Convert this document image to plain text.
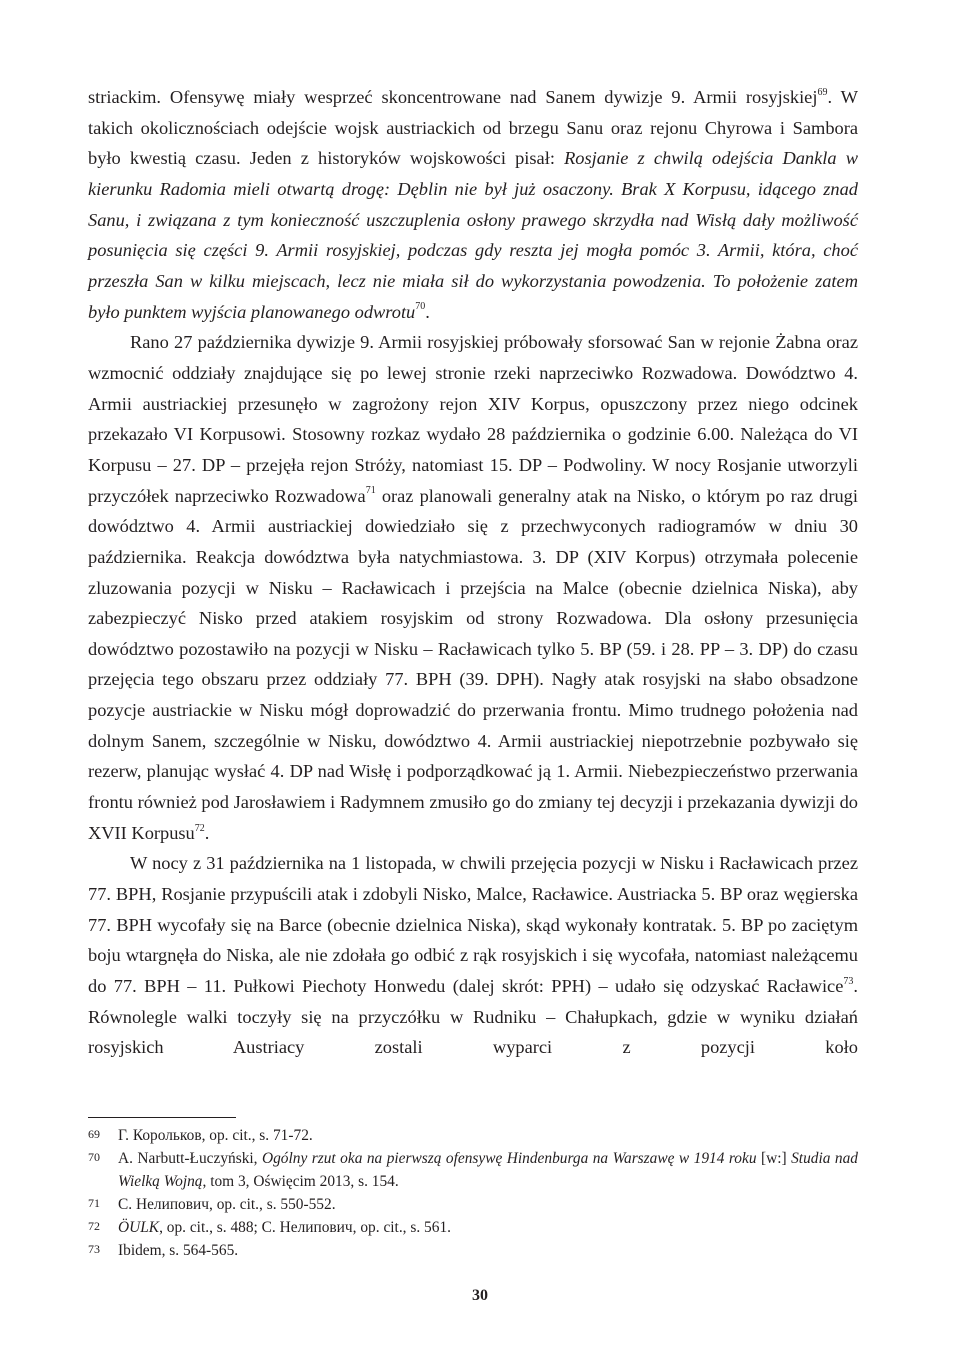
striackim. Ofensywę miały wesprzeć skoncentrowane nad Sanem dywizje 9. Armii rosyjskiej$^{69}$. W takich okolicznościach odejście wojsk austriackich od brzegu Sanu oraz rejonu Chyrowa i Sambora było kwestią czasu. Jeden z historyków wojskowości pisał: Rosjanie z chwilą odejścia Dankla w kierunku Radomia mieli otwartą drogę: Dęblin nie był już osaczony. Brak X Korpusu, idącego znad Sanu, i związana z tym konieczność uszczuplenia osłony prawego skrzydła nad Wisłą dały możliwość posunięcia się części 9. Armii rosyjskiej, podczas gdy reszta jej mogła pomóc 3. Armii, która, choć przeszła San w kilku miejscach, lecz nie miała sił do wykorzystania powodzenia. To położenie zatem było punktem wyjścia planowanego odwrotu$^{70}$.

Rano 27 października dywizje 9. Armii rosyjskiej próbowały sforsować San w rejonie Żabna oraz wzmocnić oddziały znajdujące się po lewej stronie rzeki naprzeciwko Rozwadowa. Dowództwo 4. Armii austriackiej przesunęło w zagrożony rejon XIV Korpus, opuszczony przez niego odcinek przekazało VI Korpusowi. Stosowny rozkaz wydało 28 października o godzinie 6.00. Należąca do VI Korpusu – 27. DP – przejęła rejon Stróży, natomiast 15. DP – Podwoliny. W nocy Rosjanie utworzyli przyczółek naprzeciwko Rozwadowa$^{71}$ oraz planowali generalny atak na Nisko, o którym po raz drugi dowództwo 4. Armii austriackiej dowiedziało się z przechwyconych radiogramów w dniu 30 października. Reakcja dowództwa była natychmiastowa. 3. DP (XIV Korpus) otrzymała polecenie zluzowania pozycji w Nisku – Racławicach i przejścia na Malce (obecnie dzielnica Niska), aby zabezpieczyć Nisko przed atakiem rosyjskim od strony Rozwadowa. Dla osłony przesunięcia dowództwo pozostawiło na pozycji w Nisku – Racławicach tylko 5. BP (59. i 28. PP – 3. DP) do czasu przejęcia tego obszaru przez oddziały 77. BPH (39. DPH). Nagły atak rosyjski na słabo obsadzone pozycje austriackie w Nisku mógł doprowadzić do przerwania frontu. Mimo trudnego położenia nad dolnym Sanem, szczególnie w Nisku, dowództwo 4. Armii austriackiej niepotrzebnie pozbywało się rezerw, planując wysłać 4. DP nad Wisłę i podporządkować ją 1. Armii. Niebezpieczeństwo przerwania frontu również pod Jarosławiem i Radymnem zmusiło go do zmiany tej decyzji i przekazania dywizji do XVII Korpusu$^{72}$.

W nocy z 31 października na 1 listopada, w chwili przejęcia pozycji w Nisku i Racławicach przez 77. BPH, Rosjanie przypuścili atak i zdobyli Nisko, Malce, Racławice. Austriacka 5. BP oraz węgierska 77. BPH wycofały się na Barce (obecnie dzielnica Niska), skąd wykonały kontratak. 5. BP po zaciętym boju wtargnęła do Niska, ale nie zdołała go odbić z rąk rosyjskich i się wycofała, natomiast należącemu do 77. BPH – 11. Pułkowi Piechoty Honwedu (dalej skrót: PPH) – udało się odzyskać Racławice$^{73}$. Równolegle walki toczyły się na przyczółku w Rudniku – Chałupkach, gdzie w wyniku działań rosyjskich Austriacy zostali wyparci z pozycji koło

69	Г. Корольков, op. cit., s. 71-72.
70	A. Narbutt-Łuczyński, Ogólny rzut oka na pierwszą ofensywę Hindenburga na Warszawę w 1914 roku [w:] Studia nad Wielką Wojną, tom 3, Oświęcim 2013, s. 154.
71	С. Нелипович, op. cit., s. 550-552.
72	ÖULK, op. cit., s. 488; С. Нелипович, op. cit., s. 561.
73	Ibidem, s. 564-565.
30
